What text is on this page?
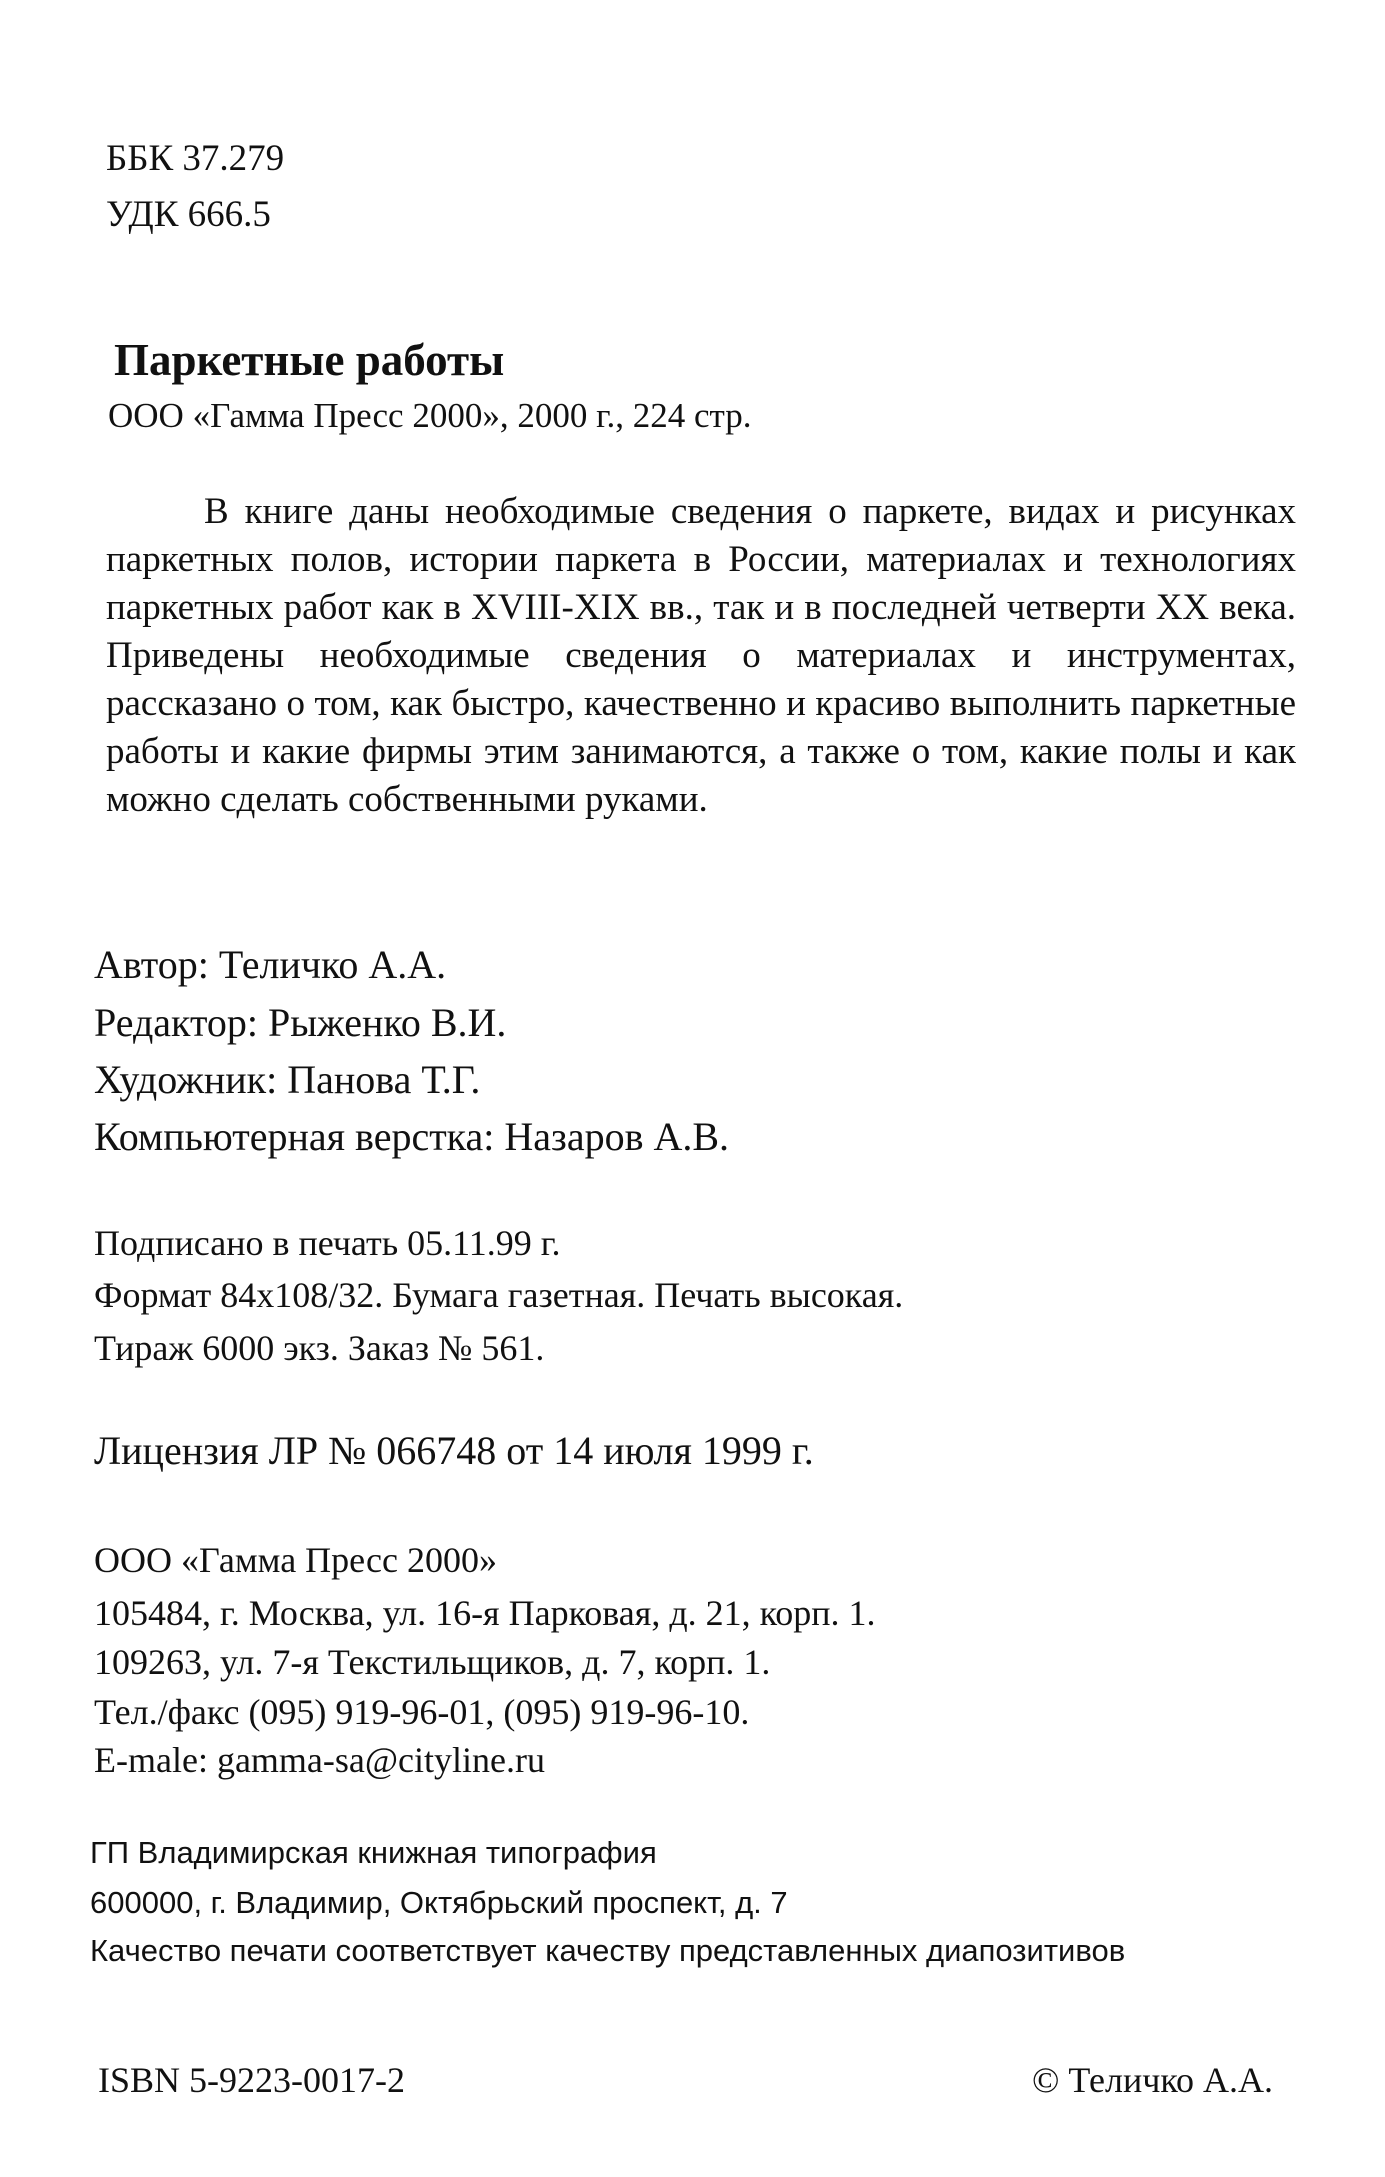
ББК 37.279
УДК 666.5
Паркетные работы
ООО «Гамма Пресс 2000», 2000 г., 224 стр.
В книге даны необходимые сведения о паркете, видах и рисунках паркетных полов, истории паркета в России, материалах и технологиях паркетных работ как в XVIII-XIX вв., так и в последней четверти XX века. Приведены необходимые сведения о материалах и инструментах, рассказано о том, как быстро, качественно и красиво выполнить паркетные работы и какие фирмы этим занимаются, а также о том, какие полы и как можно сделать собственными руками.
Автор: Теличко А.А.
Редактор: Рыженко В.И.
Художник: Панова Т.Г.
Компьютерная верстка: Назаров А.В.
Подписано в печать 05.11.99 г.
Формат 84x108/32. Бумага газетная. Печать высокая.
Тираж 6000 экз. Заказ № 561.
Лицензия ЛР № 066748 от 14 июля 1999 г.
ООО «Гамма Пресс 2000»
105484, г. Москва, ул. 16-я Парковая, д. 21, корп. 1.
109263, ул. 7-я Текстильщиков, д. 7, корп. 1.
Тел./факс (095) 919-96-01, (095) 919-96-10.
E-male: gamma-sa@cityline.ru
ГП Владимирская книжная типография
600000, г. Владимир, Октябрьский проспект, д. 7
Качество печати соответствует качеству представленных диапозитивов
ISBN 5-9223-0017-2	© Теличко А.А.
